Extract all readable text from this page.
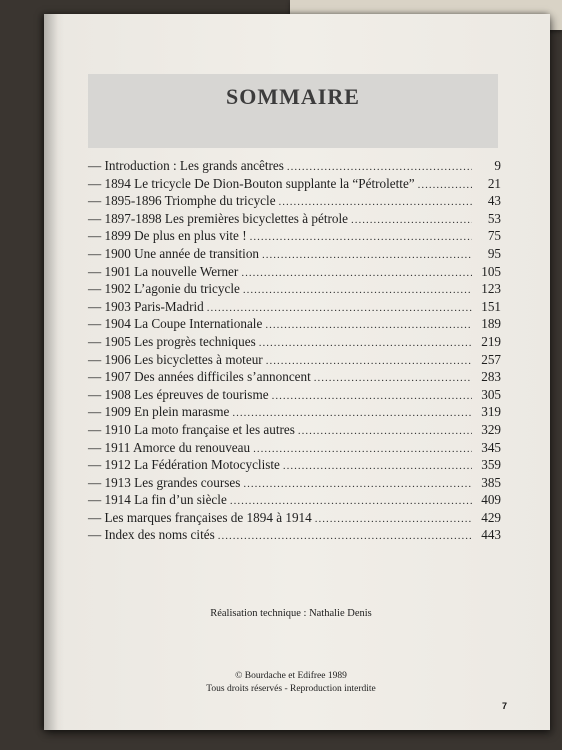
SOMMAIRE
— Introduction : Les grands ancêtres .....	9
— 1894 Le tricycle De Dion-Bouton supplante la “Pétrolette” .....	21
— 1895-1896 Triomphe du tricycle .....	43
— 1897-1898 Les premières bicyclettes à pétrole .....	53
— 1899 De plus en plus vite ! .....	75
— 1900 Une année de transition .....	95
— 1901 La nouvelle Werner .....	105
— 1902 L’agonie du tricycle .....	123
— 1903 Paris-Madrid .....	151
— 1904 La Coupe Internationale .....	189
— 1905 Les progrès techniques .....	219
— 1906 Les bicyclettes à moteur .....	257
— 1907 Des années difficiles s’annoncent .....	283
— 1908 Les épreuves de tourisme .....	305
— 1909 En plein marasme .....	319
— 1910 La moto française et les autres .....	329
— 1911 Amorce du renouveau .....	345
— 1912 La Fédération Motocycliste .....	359
— 1913 Les grandes courses .....	385
— 1914 La fin d’un siècle .....	409
— Les marques françaises de 1894 à 1914 .....	429
— Index des noms cités .....	443

Réalisation technique : Nathalie Denis

© Bourdache et Edifree 1989

Tous droits réservés - Reproduction interdite

7
